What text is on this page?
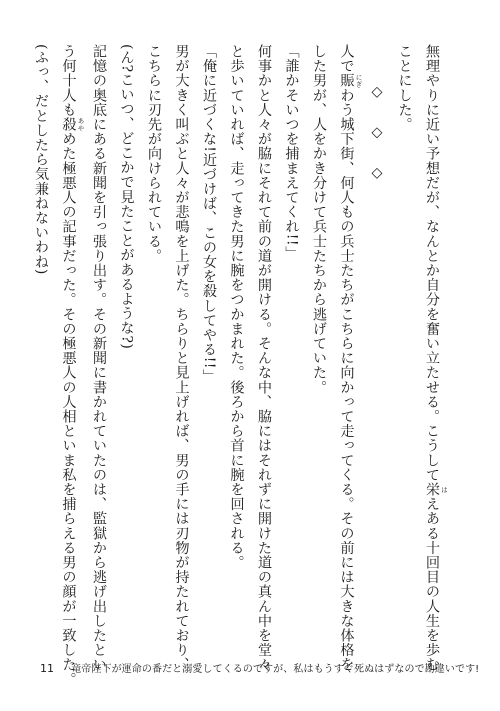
無理やりに近い予想だが、なんとか自分を奮い立たせる。こうして栄 はえある十回目の人生を歩む
ことにした。
◇ ◇ ◇
人で賑 にぎわう城下街、何人もの兵士たちがこちらに向かって走ってくる。その前には大きな体格を
した男が、人をかき分けて兵士たちから逃げていた。
「誰かそいつを捕まえてくれ!!」
何事かと人々が脇にそれて前の道が開ける。そんな中、脇にはそれずに開けた道の真ん中を堂々
と歩いていれば、走ってきた男に腕をつかまれた。後ろから首に腕を回される。
「俺に近づくな!近づけば、この女を殺してやる!!」
男が大きく叫ぶと人々が悲鳴を上げた。ちらりと見上げれば、男の手には刃物が持たれており、
こちらに刃先が向けられている。
(ん?こいつ、どこかで見たことがあるような?)
記憶の奥底にある新聞を引っ張り出す。その新聞に書かれていたのは、監獄から逃げ出したとい
う何十人も殺 あやめた極悪人の記事だった。その極悪人の人相といま私を捕らえる男の顔が一致した。
(ふっ、だとしたら気兼ねないわね)
11 竜帝陛下が運命の番だと溺愛してくるのですが、私はもうすぐ死ぬはずなので勘違いです!
